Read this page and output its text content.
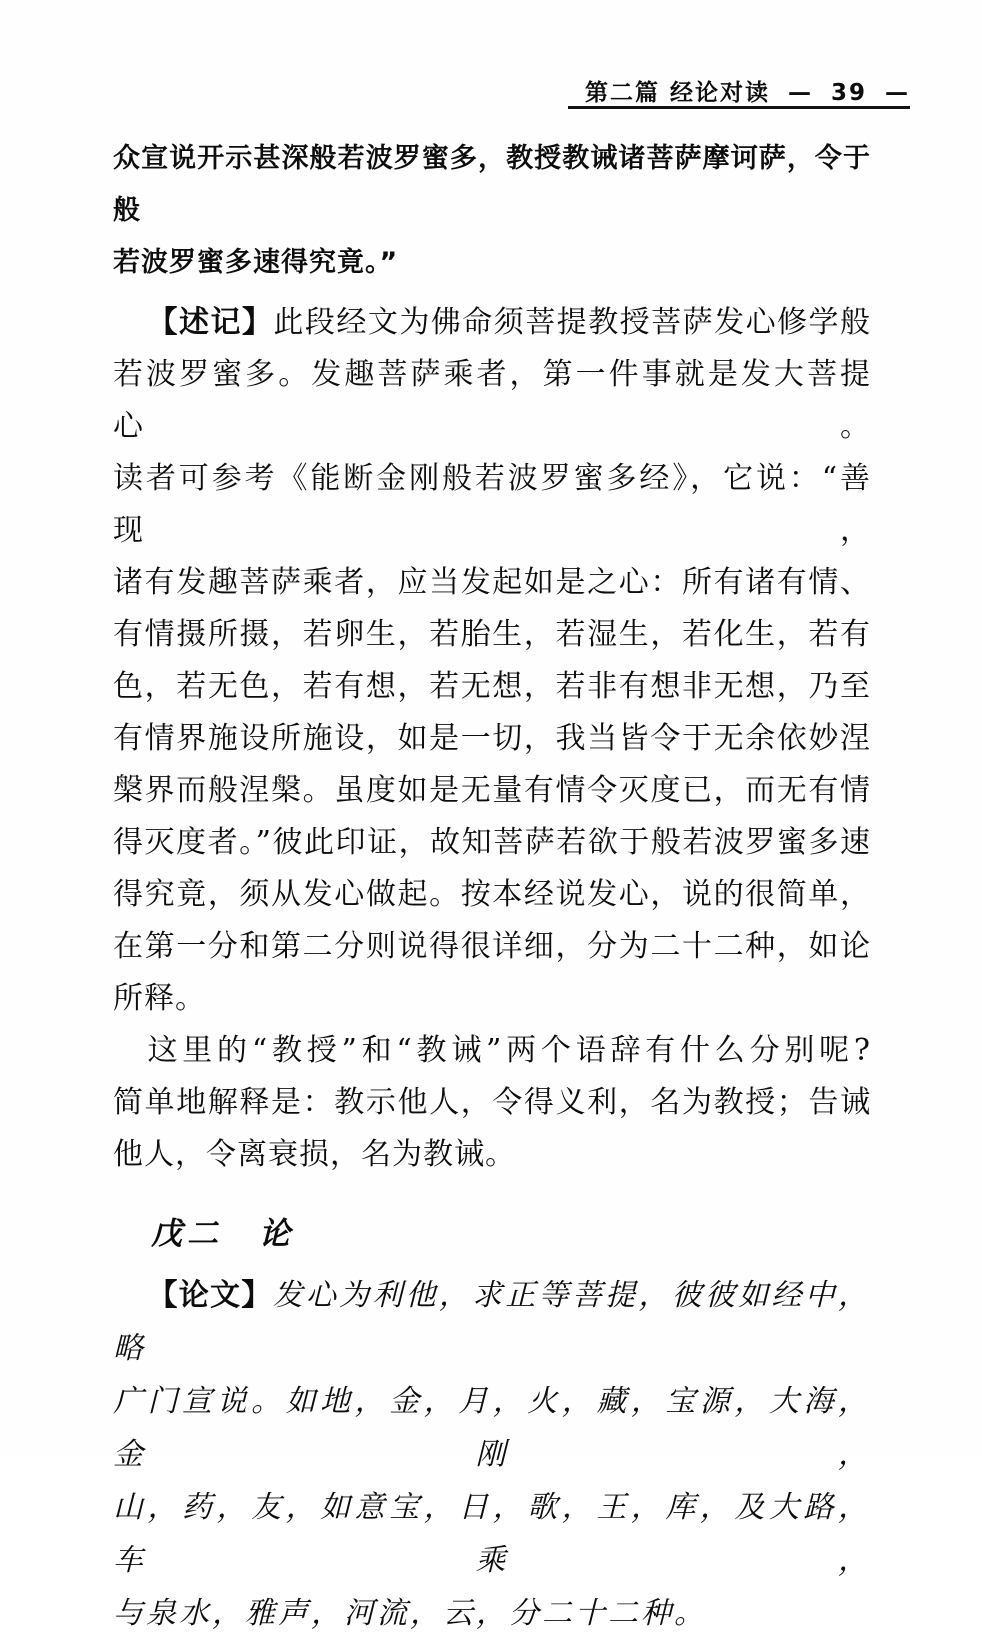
第二篇 经论对读 — 39 —
众宣说开示甚深般若波罗蜜多，教授教诫诸菩萨摩诃萨，令于般
若波罗蜜多速得究竟。”
【述记】此段经文为佛命须菩提教授菩萨发心修学般
若波罗蜜多。发趣菩萨乘者，第一件事就是发大菩提心。
读者可参考《能断金刚般若波罗蜜多经》，它说：“善现，
诸有发趣菩萨乘者，应当发起如是之心：所有诸有情、
有情摄所摄，若卵生，若胎生，若湿生，若化生，若有
色，若无色，若有想，若无想，若非有想非无想，乃至
有情界施设所施设，如是一切，我当皆令于无余依妙涅
槃界而般涅槃。虽度如是无量有情令灭度已，而无有情
得灭度者。”彼此印证，故知菩萨若欲于般若波罗蜜多速
得究竟，须从发心做起。按本经说发心，说的很简单，
在第一分和第二分则说得很详细，分为二十二种，如论
所释。
这里的“教授”和“教诫”两个语辞有什么分别呢?
简单地解释是：教示他人，令得义利，名为教授；告诫
他人，令离衰损，名为教诫。
戊二　论
【论文】发心为利他，求正等菩提，彼彼如经中，略
广门宣说。如地，金，月，火，藏，宝源，大海，金刚，
山，药，友，如意宝，日，歌，王，库，及大路，车乘，
与泉水，雅声，河流，云，分二十二种。
